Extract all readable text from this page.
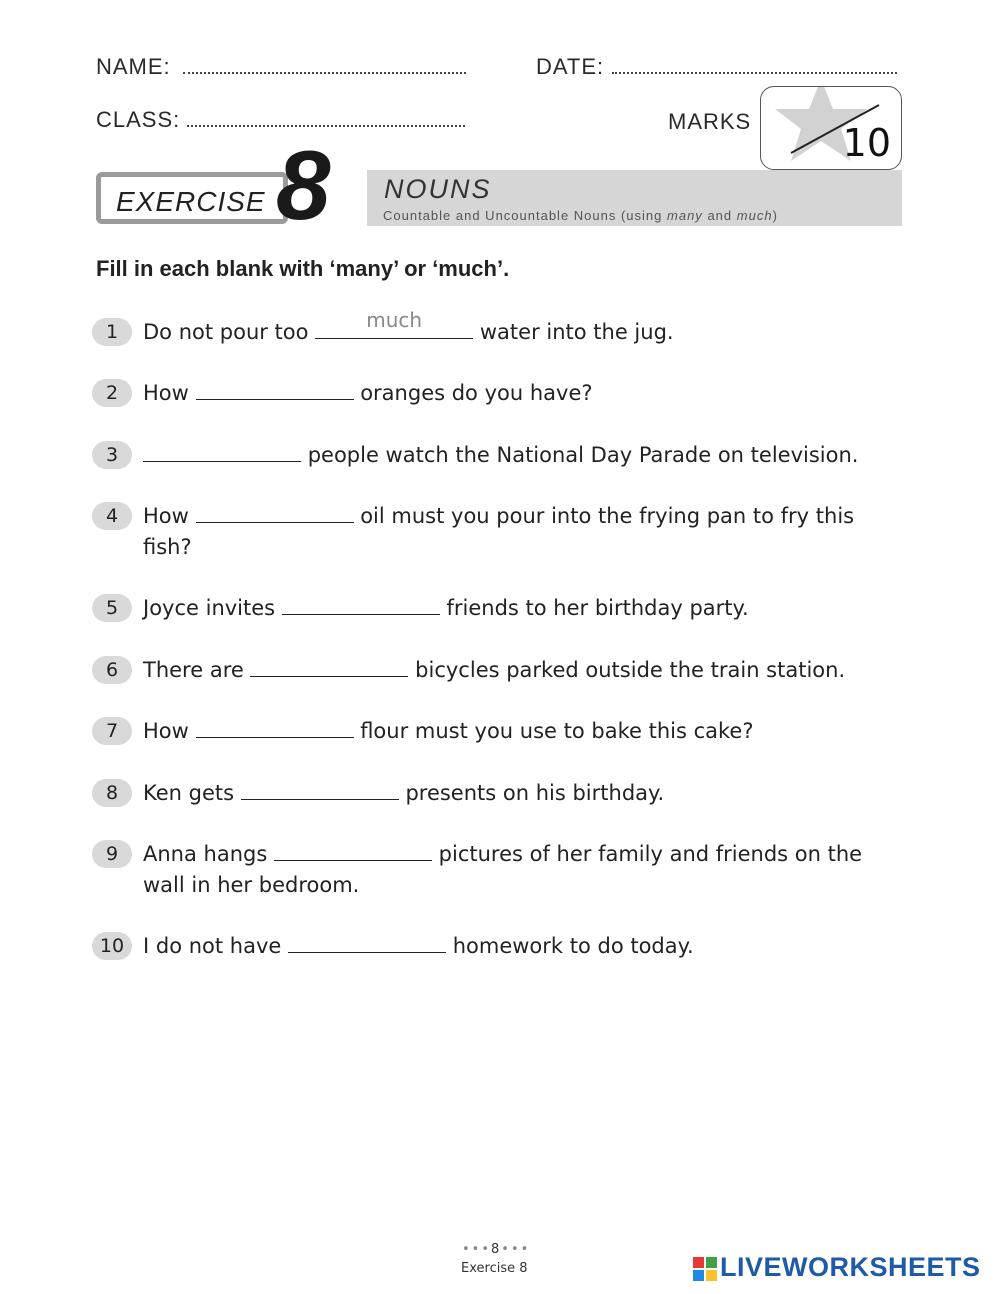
NAME:	DATE:
CLASS:	MARKS 10
EXERCISE 8 NOUNS
Countable and Uncountable Nouns (using many and much)
Fill in each blank with ‘many’ or ‘much’.
1	Do not pour too	much	water into the jug.
2	How	oranges do you have?
3	people watch the National Day Parade on television.
4	How	oil must you pour into the frying pan to fry this fish?
5	Joyce invites	friends to her birthday party.
6	There are	bicycles parked outside the train station.
7	How	flour must you use to bake this cake?
8	Ken gets	presents on his birthday.
9	Anna hangs	pictures of her family and friends on the wall in her bedroom.
10 I do not have	homework to do today.
•••8•••
Exercise 8	LIVEWORKSHEETS
